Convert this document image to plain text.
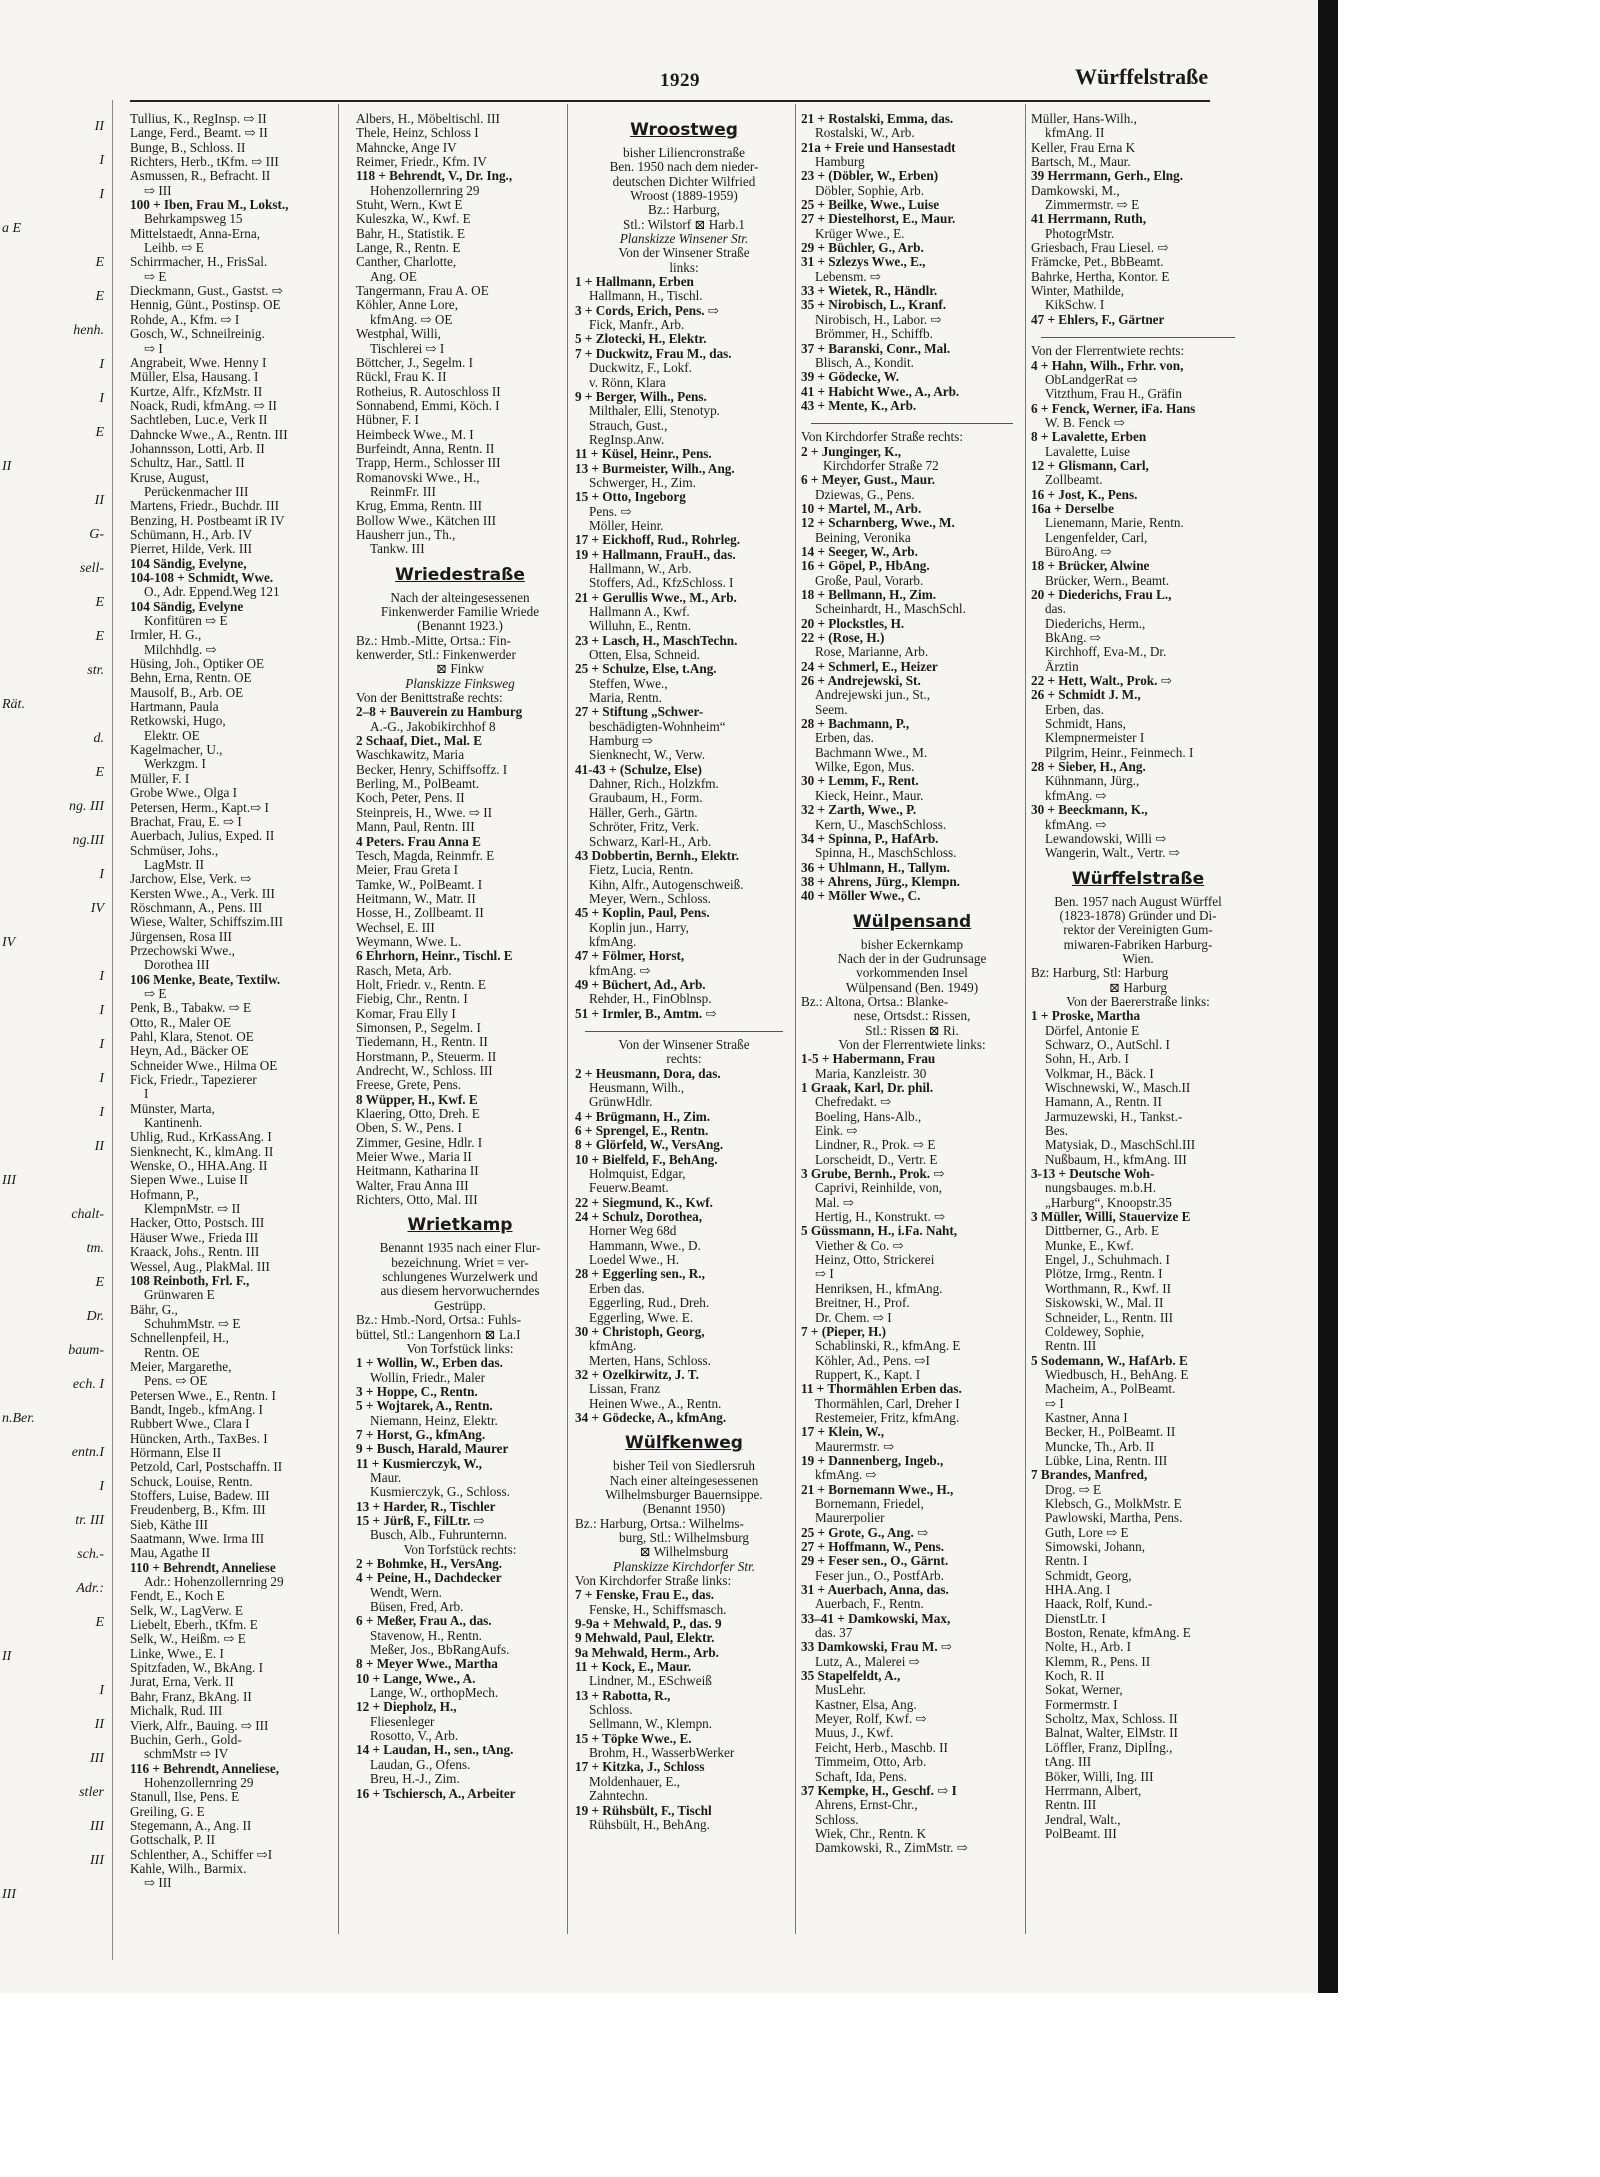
II
I
I
a E
E
E
henh.
I
I
E
II
II
G-
sell-
E
E
str.
Rät.
d.
E
ng. III
ng.III
I
IV
IV
I
I
I
I
I
II
III
chalt-
tm.
E
Dr.
baum-
ech. I
n.Ber.
entn.I
I
tr. III
sch.-
Adr.:
E
II
I
II
III
stler
III
III
III
1929	Würffelstraße

Tullius, K., RegInsp. ⇨ II

Lange, Ferd., Beamt. ⇨ II

Bunge, B., Schloss. II

Richters, Herb., tKfm. ⇨ III

Asmussen, R., Befracht. II

⇨ III

100 + Iben, Frau M., Lokst.,

Behrkampsweg 15

Mittelstaedt, Anna-Erna,

Leihb. ⇨ E

Schirrmacher, H., FrisSal.

⇨ E

Dieckmann, Gust., Gastst. ⇨

Hennig, Günt., Postinsp. OE

Rohde, A., Kfm. ⇨ I

Gosch, W., Schneilreinig.

⇨ I

Angrabeit, Wwe. Henny I

Müller, Elsa, Hausang. I

Kurtze, Alfr., KfzMstr. II

Noack, Rudi, kfmAng. ⇨ II

Sachtleben, Luc.e, Verk II

Dahncke Wwe., A., Rentn. III

Johannsson, Lotti, Arb. II

Schultz, Har., Sattl. II

Kruse, August,

Perückenmacher III

Martens, Friedr., Buchdr. III

Benzing, H. Postbeamt iR IV

Schümann, H., Arb. IV

Pierret, Hilde, Verk. III

104 Sändig, Evelyne,

104-108 + Schmidt, Wwe.

O., Adr. Eppend.Weg 121

104 Sändig, Evelyne

Konfitüren ⇨ E

Irmler, H. G.,

Milchhdlg. ⇨

Hüsing, Joh., Optiker OE

Behn, Erna, Rentn. OE

Mausolf, B., Arb. OE

Hartmann, Paula

Retkowski, Hugo,

Elektr. OE

Kagelmacher, U.,

Werkzgm. I

Müller, F. I

Grobe Wwe., Olga I

Petersen, Herm., Kapt.⇨ I

Brachat, Frau, E. ⇨ I

Auerbach, Julius, Exped. II

Schmüser, Johs.,

LagMstr. II

Jarchow, Else, Verk. ⇨

Kersten Wwe., A., Verk. III

Röschmann, A., Pens. III

Wiese, Walter, Schiffszim.III

Jürgensen, Rosa III

Przechowski Wwe.,

Dorothea III

106 Menke, Beate, Textilw.

⇨ E

Penk, B., Tabakw. ⇨ E

Otto, R., Maler OE

Pahl, Klara, Stenot. OE

Heyn, Ad., Bäcker OE

Schneider Wwe., Hilma OE

Fick, Friedr., Tapezierer

I

Münster, Marta,

Kantinenh.

Uhlig, Rud., KrKassAng. I

Sienknecht, K., klmAng. II

Wenske, O., HHA.Ang. II

Siepen Wwe., Luise II

Hofmann, P.,

KlempnMstr. ⇨ II

Hacker, Otto, Postsch. III

Häuser Wwe., Frieda III

Kraack, Johs., Rentn. III

Wessel, Aug., PlakMal. III

108 Reinboth, Frl. F.,

Grünwaren E

Bähr, G.,

SchuhmMstr. ⇨ E

Schnellenpfeil, H.,

Rentn. OE

Meier, Margarethe,

Pens. ⇨ OE

Petersen Wwe., E., Rentn. I

Bandt, Ingeb., kfmAng. I

Rubbert Wwe., Clara I

Hüncken, Arth., TaxBes. I

Hörmann, Else II

Petzold, Carl, Postschaffn. II

Schuck, Louise, Rentn.

Stoffers, Luise, Badew. III

Freudenberg, B., Kfm. III

Sieb, Käthe III

Saatmann, Wwe. Irma III

Mau, Agathe II

110 + Behrendt, Anneliese

Adr.: Hohenzollernring 29

Fendt, E., Koch E

Selk, W., LagVerw. E

Liebelt, Eberh., tKfm. E

Selk, W., Heißm. ⇨ E

Linke, Wwe., E. I

Spitzfaden, W., BkAng. I

Jurat, Erna, Verk. II

Bahr, Franz, BkAng. II

Michalk, Rud. III

Vierk, Alfr., Bauing. ⇨ III

Buchin, Gerh., Gold-

schmMstr ⇨ IV

116 + Behrendt, Anneliese,

Hohenzollernring 29

Stanull, Ilse, Pens. E

Greiling, G. E

Stegemann, A., Ang. II

Gottschalk, P. II

Schlenther, A., Schiffer ⇨I

Kahle, Wilh., Barmix.

⇨ III

Albers, H., Möbeltischl. III

Thele, Heinz, Schloss I

Mahncke, Ange IV

Reimer, Friedr., Kfm. IV

118 + Behrendt, V., Dr. Ing.,

Hohenzollernring 29

Stuht, Wern., Kwt E

Kuleszka, W., Kwf. E

Bahr, H., Statistik. E

Lange, R., Rentn. E

Canther, Charlotte,

Ang. OE

Tangermann, Frau A. OE

Köhler, Anne Lore,

kfmAng. ⇨ OE

Westphal, Willi,

Tischlerei ⇨ I

Böttcher, J., Segelm. I

Rückl, Frau K. II

Rotheius, R. Autoschloss II

Sonnabend, Emmi, Köch. I

Hübner, F. I

Heimbeck Wwe., M. I

Burfeindt, Anna, Rentn. II

Trapp, Herm., Schlosser III

Romanovski Wwe., H.,

ReinmFr. III

Krug, Emma, Rentn. III

Bollow Wwe., Kätchen III

Hausherr jun., Th.,

Tankw. III

Wriedestraße

Nach der alteingesessenen

Finkenwerder Familie Wriede

(Benannt 1923.)

Bz.: Hmb.-Mitte, Ortsa.: Fin-

kenwerder, Stl.: Finkenwerder

⊠ Finkw

Planskizze Finksweg

Von der Benittstraße rechts:

2–8 + Bauverein zu Hamburg

A.-G., Jakobikirchhof 8

2 Schaaf, Diet., Mal. E

Waschkawitz, Maria

Becker, Henry, Schiffsoffz. I

Berling, M., PolBeamt.

Koch, Peter, Pens. II

Steinpreis, H., Wwe. ⇨ II

Mann, Paul, Rentn. III

4 Peters. Frau Anna E

Tesch, Magda, Reinmfr. E

Meier, Frau Greta I

Tamke, W., PolBeamt. I

Heitmann, W., Matr. II

Hosse, H., Zollbeamt. II

Wechsel, E. III

Weymann, Wwe. L.

6 Ehrhorn, Heinr., Tischl. E

Rasch, Meta, Arb.

Holt, Friedr. v., Rentn. E

Fiebig, Chr., Rentn. I

Komar, Frau Elly I

Simonsen, P., Segelm. I

Tiedemann, H., Rentn. II

Horstmann, P., Steuerm. II

Andrecht, W., Schloss. III

Freese, Grete, Pens.

8 Wüpper, H., Kwf. E

Klaering, Otto, Dreh. E

Oben, S. W., Pens. I

Zimmer, Gesine, Hdlr. I

Meier Wwe., Maria II

Heitmann, Katharina II

Walter, Frau Anna III

Richters, Otto, Mal. III

Wrietkamp

Benannt 1935 nach einer Flur-

bezeichnung. Wriet = ver-

schlungenes Wurzelwerk und

aus diesem hervorwucherndes

Gestrüpp.

Bz.: Hmb.-Nord, Ortsa.: Fuhls-

büttel, Stl.: Langenhorn ⊠ La.I

Von Torfstück links:

1 + Wollin, W., Erben das.

Wollin, Friedr., Maler

3 + Hoppe, C., Rentn.

5 + Wojtarek, A., Rentn.

Niemann, Heinz, Elektr.

7 + Horst, G., kfmAng.

9 + Busch, Harald, Maurer

11 + Kusmierczyk, W.,

Maur.

Kusmierczyk, G., Schloss.

13 + Harder, R., Tischler

15 + Jürß, F., FilLtr. ⇨

Busch, Alb., Fuhrunternn.

Von Torfstück rechts:

2 + Bohmke, H., VersAng.

4 + Peine, H., Dachdecker

Wendt, Wern.

Büsen, Fred, Arb.

6 + Meßer, Frau A., das.

Stavenow, H., Rentn.

Meßer, Jos., BbRangAufs.

8 + Meyer Wwe., Martha

10 + Lange, Wwe., A.

Lange, W., orthopMech.

12 + Diepholz, H.,

Fliesenleger

Rosotto, V., Arb.

14 + Laudan, H., sen., tAng.

Laudan, G., Ofens.

Breu, H.-J., Zim.

16 + Tschiersch, A., Arbeiter

Wroostweg

bisher Liliencronstraße

Ben. 1950 nach dem nieder-

deutschen Dichter Wilfried

Wroost (1889-1959)

Bz.: Harburg,

Stl.: Wilstorf ⊠ Harb.1

Planskizze Winsener Str.

Von der Winsener Straße

links:

1 + Hallmann, Erben

Hallmann, H., Tischl.

3 + Cords, Erich, Pens. ⇨

Fick, Manfr., Arb.

5 + Zlotecki, H., Elektr.

7 + Duckwitz, Frau M., das.

Duckwitz, F., Lokf.

v. Rönn, Klara

9 + Berger, Wilh., Pens.

Milthaler, Elli, Stenotyp.

Strauch, Gust.,

RegInsp.Anw.

11 + Küsel, Heinr., Pens.

13 + Burmeister, Wilh., Ang.

Schwerger, H., Zim.

15 + Otto, Ingeborg

Pens. ⇨

Möller, Heinr.

17 + Eickhoff, Rud., Rohrleg.

19 + Hallmann, FrauH., das.

Hallmann, W., Arb.

Stoffers, Ad., KfzSchloss. I

21 + Gerullis Wwe., M., Arb.

Hallmann A., Kwf.

Willuhn, E., Rentn.

23 + Lasch, H., MaschTechn.

Otten, Elsa, Schneid.

25 + Schulze, Else, t.Ang.

Steffen, Wwe.,

Maria, Rentn.

27 + Stiftung „Schwer-

beschädigten-Wohnheim“

Hamburg ⇨

Sienknecht, W., Verw.

41-43 + (Schulze, Else)

Dahner, Rich., Holzkfm.

Graubaum, H., Form.

Häller, Gerh., Gärtn.

Schröter, Fritz, Verk.

Schwarz, Karl-H., Arb.

43 Dobbertin, Bernh., Elektr.

Fietz, Lucia, Rentn.

Kihn, Alfr., Autogenschweiß.

Meyer, Wern., Schloss.

45 + Koplin, Paul, Pens.

Koplin jun., Harry,

kfmAng.

47 + Fölmer, Horst,

kfmAng. ⇨

49 + Büchert, Ad., Arb.

Rehder, H., FinOblnsp.

51 + Irmler, B., Amtm. ⇨

Von der Winsener Straße

rechts:

2 + Heusmann, Dora, das.

Heusmann, Wilh.,

GrünwHdlr.

4 + Brügmann, H., Zim.

6 + Sprengel, E., Rentn.

8 + Glörfeld, W., VersAng.

10 + Bielfeld, F., BehAng.

Holmquist, Edgar,

Feuerw.Beamt.

22 + Siegmund, K., Kwf.

24 + Schulz, Dorothea,

Horner Weg 68d

Hammann, Wwe., D.

Loedel Wwe., H.

28 + Eggerling sen., R.,

Erben das.

Eggerling, Rud., Dreh.

Eggerling, Wwe. E.

30 + Christoph, Georg,

kfmAng.

Merten, Hans, Schloss.

32 + Ozelkirwitz, J. T.

Lissan, Franz

Heinen Wwe., A., Rentn.

34 + Gödecke, A., kfmAng.

Wülfkenweg

bisher Teil von Siedlersruh

Nach einer alteingesessenen

Wilhelmsburger Bauernsippe.

(Benannt 1950)

Bz.: Harburg, Ortsa.: Wilhelms-

burg, Stl.: Wilhelmsburg

⊠ Wilhelmsburg

Planskizze Kirchdorfer Str.

Von Kirchdorfer Straße links:

7 + Fenske, Frau E., das.

Fenske, H., Schiffsmasch.

9-9a + Mehwald, P., das. 9

9 Mehwald, Paul, Elektr.

9a Mehwald, Herm., Arb.

11 + Kock, E., Maur.

Lindner, M., ESchweiß

13 + Rabotta, R.,

Schloss.

Sellmann, W., Klempn.

15 + Töpke Wwe., E.

Brohm, H., WasserbWerker

17 + Kitzka, J., Schloss

Moldenhauer, E.,

Zahntechn.

19 + Rühsbült, F., Tischl

Rühsbült, H., BehAng.

21 + Rostalski, Emma, das.

Rostalski, W., Arb.

21a + Freie und Hansestadt

Hamburg

23 + (Döbler, W., Erben)

Döbler, Sophie, Arb.

25 + Beilke, Wwe., Luise

27 + Diestelhorst, E., Maur.

Krüger Wwe., E.

29 + Büchler, G., Arb.

31 + Szlezys Wwe., E.,

Lebensm. ⇨

33 + Wietek, R., Händlr.

35 + Nirobisch, L., Kranf.

Nirobisch, H., Labor. ⇨

Brömmer, H., Schiffb.

37 + Baranski, Conr., Mal.

Blisch, A., Kondit.

39 + Gödecke, W.

41 + Habicht Wwe., A., Arb.

43 + Mente, K., Arb.

Von Kirchdorfer Straße rechts:

2 + Junginger, K.,

Kirchdorfer Straße 72

6 + Meyer, Gust., Maur.

Dziewas, G., Pens.

10 + Martel, M., Arb.

12 + Scharnberg, Wwe., M.

Beining, Veronika

14 + Seeger, W., Arb.

16 + Göpel, P., HbAng.

Große, Paul, Vorarb.

18 + Bellmann, H., Zim.

Scheinhardt, H., MaschSchl.

20 + Plockstles, H.

22 + (Rose, H.)

Rose, Marianne, Arb.

24 + Schmerl, E., Heizer

26 + Andrejewski, St.

Andrejewski jun., St.,

Seem.

28 + Bachmann, P.,

Erben, das.

Bachmann Wwe., M.

Wilke, Egon, Mus.

30 + Lemm, F., Rent.

Kieck, Heinr., Maur.

32 + Zarth, Wwe., P.

Kern, U., MaschSchloss.

34 + Spinna, P., HafArb.

Spinna, H., MaschSchloss.

36 + Uhlmann, H., Tallym.

38 + Ahrens, Jürg., Klempn.

40 + Möller Wwe., C.

Wülpensand

bisher Eckernkamp

Nach der in der Gudrunsage

vorkommenden Insel

Wülpensand (Ben. 1949)

Bz.: Altona, Ortsa.: Blanke-

nese, Ortsdst.: Rissen,

Stl.: Rissen ⊠ Ri.

Von der Flerrentwiete links:

1-5 + Habermann, Frau

Maria, Kanzleistr. 30

1 Graak, Karl, Dr. phil.

Chefredakt. ⇨

Boeling, Hans-Alb.,

Eink. ⇨

Lindner, R., Prok. ⇨ E

Lorscheidt, D., Vertr. E

3 Grube, Bernh., Prok. ⇨

Caprivi, Reinhilde, von,

Mal. ⇨

Hertig, H., Konstrukt. ⇨

5 Güssmann, H., i.Fa. Naht,

Viether & Co. ⇨

Heinz, Otto, Strickerei

⇨ I

Henriksen, H., kfmAng.

Breitner, H., Prof.

Dr. Chem. ⇨ I

7 + (Pieper, H.)

Schablinski, R., kfmAng. E

Köhler, Ad., Pens. ⇨I

Ruppert, K., Kapt. I

11 + Thormählen Erben das.

Thormählen, Carl, Dreher I

Restemeier, Fritz, kfmAng.

17 + Klein, W.,

Maurermstr. ⇨

19 + Dannenberg, Ingeb.,

kfmAng. ⇨

21 + Bornemann Wwe., H.,

Bornemann, Friedel,

Maurerpolier

25 + Grote, G., Ang. ⇨

27 + Hoffmann, W., Pens.

29 + Feser sen., O., Gärnt.

Feser jun., O., PostfArb.

31 + Auerbach, Anna, das.

Auerbach, F., Rentn.

33–41 + Damkowski, Max,

das. 37

33 Damkowski, Frau M. ⇨

Lutz, A., Malerei ⇨

35 Stapelfeldt, A.,

MusLehr.

Kastner, Elsa, Ang.

Meyer, Rolf, Kwf. ⇨

Muus, J., Kwf.

Feicht, Herb., Maschb. II

Timmeim, Otto, Arb.

Schaft, Ida, Pens.

37 Kempke, H., Geschf. ⇨ I

Ahrens, Ernst-Chr.,

Schloss.

Wiek, Chr., Rentn. K

Damkowski, R., ZimMstr. ⇨

Müller, Hans-Wilh.,

kfmAng. II

Keller, Frau Erna K

Bartsch, M., Maur.

39 Herrmann, Gerh., Elng.

Damkowski, M.,

Zimmermstr. ⇨ E

41 Herrmann, Ruth,

PhotogrMstr.

Griesbach, Frau Liesel. ⇨

Främcke, Pet., BbBeamt.

Bahrke, Hertha, Kontor. E

Winter, Mathilde,

KikSchw. I

47 + Ehlers, F., Gärtner

Von der Flerrentwiete rechts:

4 + Hahn, Wilh., Frhr. von,

ObLandgerRat ⇨

Vitzthum, Frau H., Gräfin

6 + Fenck, Werner, iFa. Hans

W. B. Fenck ⇨

8 + Lavalette, Erben

Lavalette, Luise

12 + Glismann, Carl,

Zollbeamt.

16 + Jost, K., Pens.

16a + Derselbe

Lienemann, Marie, Rentn.

Lengenfelder, Carl,

BüroAng. ⇨

18 + Brücker, Alwine

Brücker, Wern., Beamt.

20 + Diederichs, Frau L.,

das.

Diederichs, Herm.,

BkAng. ⇨

Kirchhoff, Eva-M., Dr.

Ärztin

22 + Hett, Walt., Prok. ⇨

26 + Schmidt J. M.,

Erben, das.

Schmidt, Hans,

Klempnermeister I

Pilgrim, Heinr., Feinmech. I

28 + Sieber, H., Ang.

Kühnmann, Jürg.,

kfmAng. ⇨

30 + Beeckmann, K.,

kfmAng. ⇨

Lewandowski, Willi ⇨

Wangerin, Walt., Vertr. ⇨

Würffelstraße

Ben. 1957 nach August Würffel

(1823-1878) Gründer und Di-

rektor der Vereinigten Gum-

miwaren-Fabriken Harburg-

Wien.

Bz: Harburg, Stl: Harburg

⊠ Harburg

Von der Baererstraße links:

1 + Proske, Martha

Dörfel, Antonie E

Schwarz, O., AutSchl. I

Sohn, H., Arb. I

Volkmar, H., Bäck. I

Wischnewski, W., Masch.II

Hamann, A., Rentn. II

Jarmuzewski, H., Tankst.-

Bes.

Matysiak, D., MaschSchl.III

Nußbaum, H., kfmAng. III

3-13 + Deutsche Woh-

nungsbauges. m.b.H.

„Harburg“, Knoopstr.35

3 Müller, Willi, Stauervize E

Dittberner, G., Arb. E

Munke, E., Kwf.

Engel, J., Schuhmach. I

Plötze, Irmg., Rentn. I

Worthmann, R., Kwf. II

Siskowski, W., Mal. II

Schneider, L., Rentn. III

Coldewey, Sophie,

Rentn. III

5 Sodemann, W., HafArb. E

Wiedbusch, H., BehAng. E

Macheim, A., PolBeamt.

⇨ I

Kastner, Anna I

Becker, H., PolBeamt. II

Muncke, Th., Arb. II

Lübke, Lina, Rentn. III

7 Brandes, Manfred,

Drog. ⇨ E

Klebsch, G., MolkMstr. E

Pawlowski, Martha, Pens.

Guth, Lore ⇨ E

Simowski, Johann,

Rentn. I

Schmidt, Georg,

HHA.Ang. I

Haack, Rolf, Kund.-

DienstLtr. I

Boston, Renate, kfmAng. E

Nolte, H., Arb. I

Klemm, R., Pens. II

Koch, R. II

Sokat, Werner,

Formermstr. I

Scholtz, Max, Schloss. II

Balnat, Walter, ElMstr. II

Löffler, Franz, Diplİng.,

tAng. III

Böker, Willi, Ing. III

Herrmann, Albert,

Rentn. III

Jendral, Walt.,

PolBeamt. III
